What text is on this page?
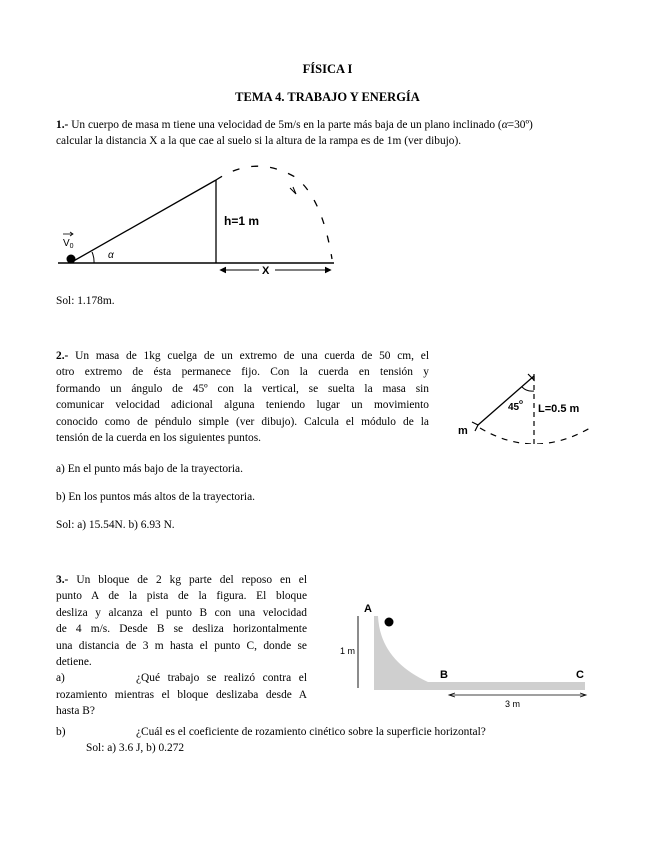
FÍSICA I
TEMA 4. TRABAJO Y ENERGÍA
1.- Un cuerpo de masa m tiene una velocidad de 5m/s en la parte más baja de un plano inclinado (α=30º)
calcular la distancia X a la que cae al suelo si la altura de la rampa es de 1m (ver dibujo).
α
$V_0$
h=1 m
X
Sol: 1.178m.
2.- Un masa de 1kg cuelga de un extremo de una cuerda de 50 cm, el
otro extremo de ésta permanece fijo. Con la cuerda en tensión y
formando un ángulo de 45º con la vertical, se suelta la masa sin
comunicar velocidad adicional alguna teniendo lugar un movimiento
conocido como de péndulo simple (ver dibujo). Calcula el módulo de la
tensión de la cuerda en los siguientes puntos.
45 L=0.5 m
m
a) En el punto más bajo de la trayectoria.
b) En los puntos más altos de la trayectoria.
Sol: a) 15.54N. b) 6.93 N.
3.- Un bloque de 2 kg parte del reposo en el
punto A de la pista de la figura. El bloque
desliza y alcanza el punto B con una velocidad
de 4 m/s. Desde B se desliza horizontalmente
una distancia de 3 m hasta el punto C, donde se
detiene.
a)	¿Qué trabajo se realizó contra el
rozamiento mientras el bloque deslizaba desde A
hasta B?
b)	¿Cuál es el coeficiente de rozamiento cinético sobre la superficie horizontal?
Sol: a) 3.6 J, b) 0.272
A
B	C
1 m
3 m
